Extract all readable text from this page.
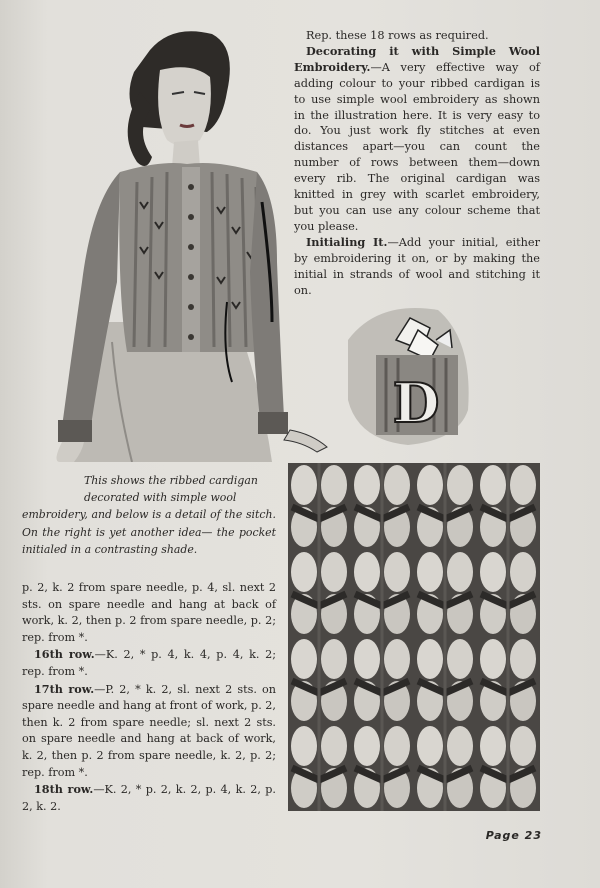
Rep. these 18 rows as required.

Decorating it with Simple Wool Embroidery.—A very effective way of adding colour to your ribbed cardigan is to use simple wool embroidery as shown in the illustration here. It is very easy to do. You just work fly stitches at even distances apart—you can count the number of rows between them—down every rib. The original cardigan was knitted in grey with scarlet embroidery, but you can use any colour scheme that you please.

Initialing It.—Add your initial, either by embroidering it on, or by making the initial in strands of wool and stitching it on.

D
This shows the ribbed cardigan
decorated with simple wool
embroidery, and below is a detail of the sitch. On the right is yet another idea— the pocket initialed in a contrasting shade.

p. 2, k. 2 from spare needle, p. 4, sl. next 2 sts. on spare needle and hang at back of work, k. 2, then p. 2 from spare needle, p. 2; rep. from *.

16th row.—K. 2, * p. 4, k. 4, p. 4, k. 2; rep. from *.

17th row.—P. 2, * k. 2, sl. next 2 sts. on spare needle and hang at front of work, p. 2, then k. 2 from spare needle; sl. next 2 sts. on spare needle and hang at back of work, k. 2, then p. 2 from spare needle, k. 2, p. 2; rep. from *.

18th row.—K. 2, * p. 2, k. 2, p. 4, k. 2, p. 2, k. 2.

Page 23
